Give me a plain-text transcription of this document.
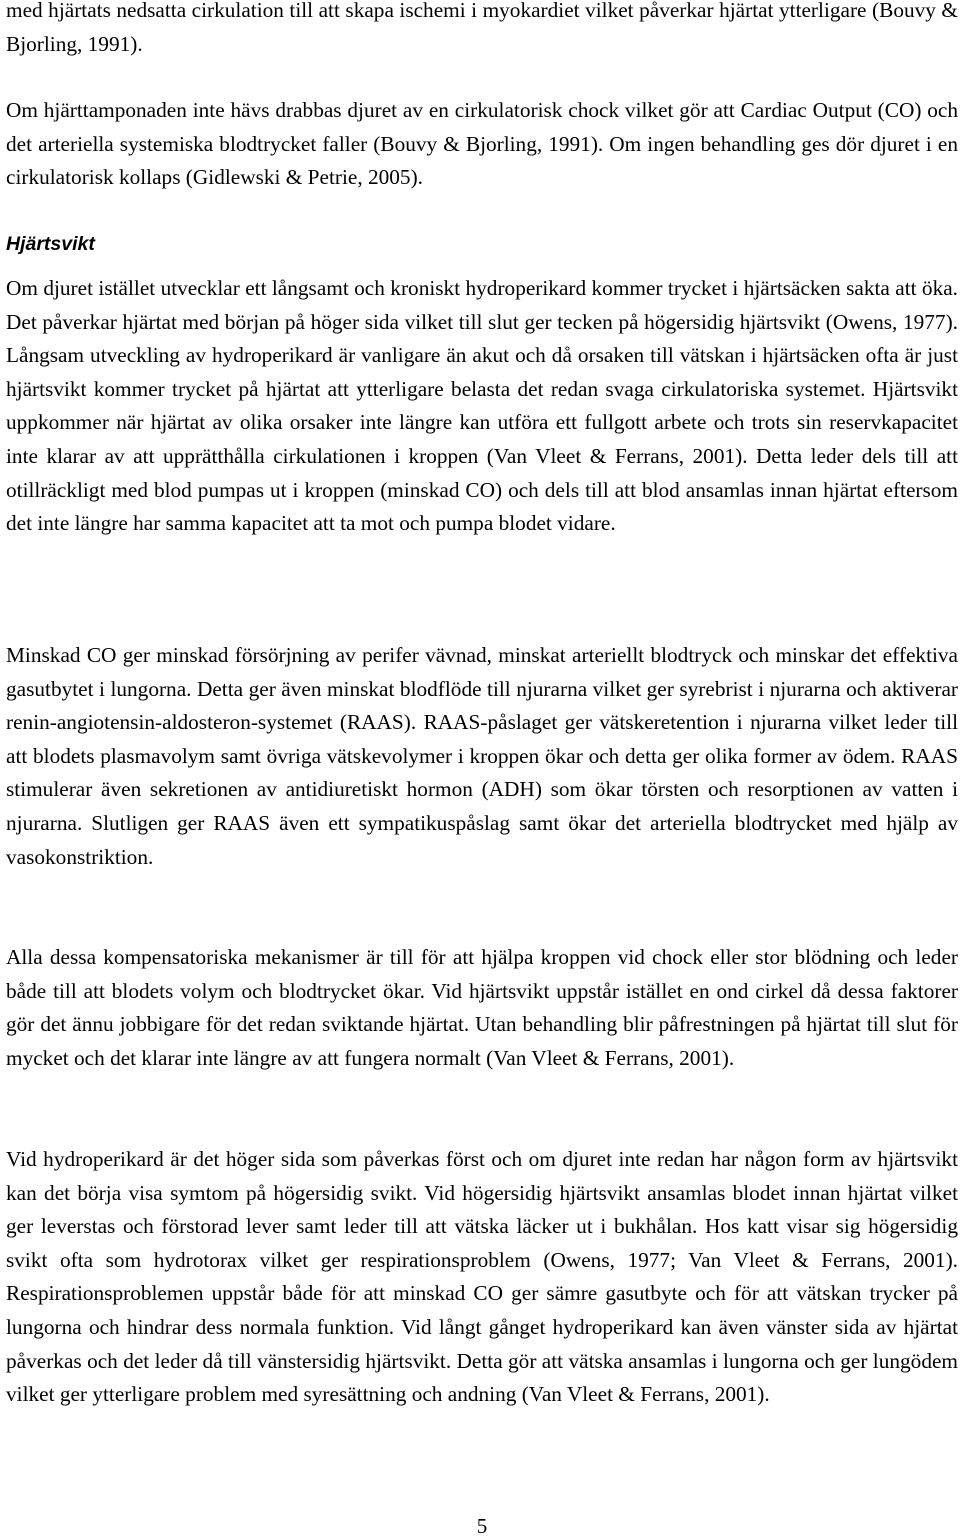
med hjärtats nedsatta cirkulation till att skapa ischemi i myokardiet vilket påverkar hjärtat ytterligare (Bouvy & Bjorling, 1991).

Om hjärttamponaden inte hävs drabbas djuret av en cirkulatorisk chock vilket gör att Cardiac Output (CO) och det arteriella systemiska blodtrycket faller (Bouvy & Bjorling, 1991). Om ingen behandling ges dör djuret i en cirkulatorisk kollaps (Gidlewski & Petrie, 2005).

Hjärtsvikt

Om djuret istället utvecklar ett långsamt och kroniskt hydroperikard kommer trycket i hjärtsäcken sakta att öka. Det påverkar hjärtat med början på höger sida vilket till slut ger tecken på högersidig hjärtsvikt (Owens, 1977). Långsam utveckling av hydroperikard är vanligare än akut och då orsaken till vätskan i hjärtsäcken ofta är just hjärtsvikt kommer trycket på hjärtat att ytterligare belasta det redan svaga cirkulatoriska systemet. Hjärtsvikt uppkommer när hjärtat av olika orsaker inte längre kan utföra ett fullgott arbete och trots sin reservkapacitet inte klarar av att upprätthålla cirkulationen i kroppen (Van Vleet & Ferrans, 2001). Detta leder dels till att otillräckligt med blod pumpas ut i kroppen (minskad CO) och dels till att blod ansamlas innan hjärtat eftersom det inte längre har samma kapacitet att ta mot och pumpa blodet vidare.

Minskad CO ger minskad försörjning av perifer vävnad, minskat arteriellt blodtryck och minskar det effektiva gasutbytet i lungorna. Detta ger även minskat blodflöde till njurarna vilket ger syrebrist i njurarna och aktiverar renin-angiotensin-aldosteron-systemet (RAAS). RAAS-påslaget ger vätskeretention i njurarna vilket leder till att blodets plasmavolym samt övriga vätskevolymer i kroppen ökar och detta ger olika former av ödem. RAAS stimulerar även sekretionen av antidiuretiskt hormon (ADH) som ökar törsten och resorptionen av vatten i njurarna. Slutligen ger RAAS även ett sympatikuspåslag samt ökar det arteriella blodtrycket med hjälp av vasokonstriktion.

Alla dessa kompensatoriska mekanismer är till för att hjälpa kroppen vid chock eller stor blödning och leder både till att blodets volym och blodtrycket ökar. Vid hjärtsvikt uppstår istället en ond cirkel då dessa faktorer gör det ännu jobbigare för det redan sviktande hjärtat. Utan behandling blir påfrestningen på hjärtat till slut för mycket och det klarar inte längre av att fungera normalt (Van Vleet & Ferrans, 2001).

Vid hydroperikard är det höger sida som påverkas först och om djuret inte redan har någon form av hjärtsvikt kan det börja visa symtom på högersidig svikt. Vid högersidig hjärtsvikt ansamlas blodet innan hjärtat vilket ger leverstas och förstorad lever samt leder till att vätska läcker ut i bukhålan. Hos katt visar sig högersidig svikt ofta som hydrotorax vilket ger respirationsproblem (Owens, 1977; Van Vleet & Ferrans, 2001). Respirationsproblemen uppstår både för att minskad CO ger sämre gasutbyte och för att vätskan trycker på lungorna och hindrar dess normala funktion. Vid långt gånget hydroperikard kan även vänster sida av hjärtat påverkas och det leder då till vänstersidig hjärtsvikt. Detta gör att vätska ansamlas i lungorna och ger lungödem vilket ger ytterligare problem med syresättning och andning (Van Vleet & Ferrans, 2001).

5
